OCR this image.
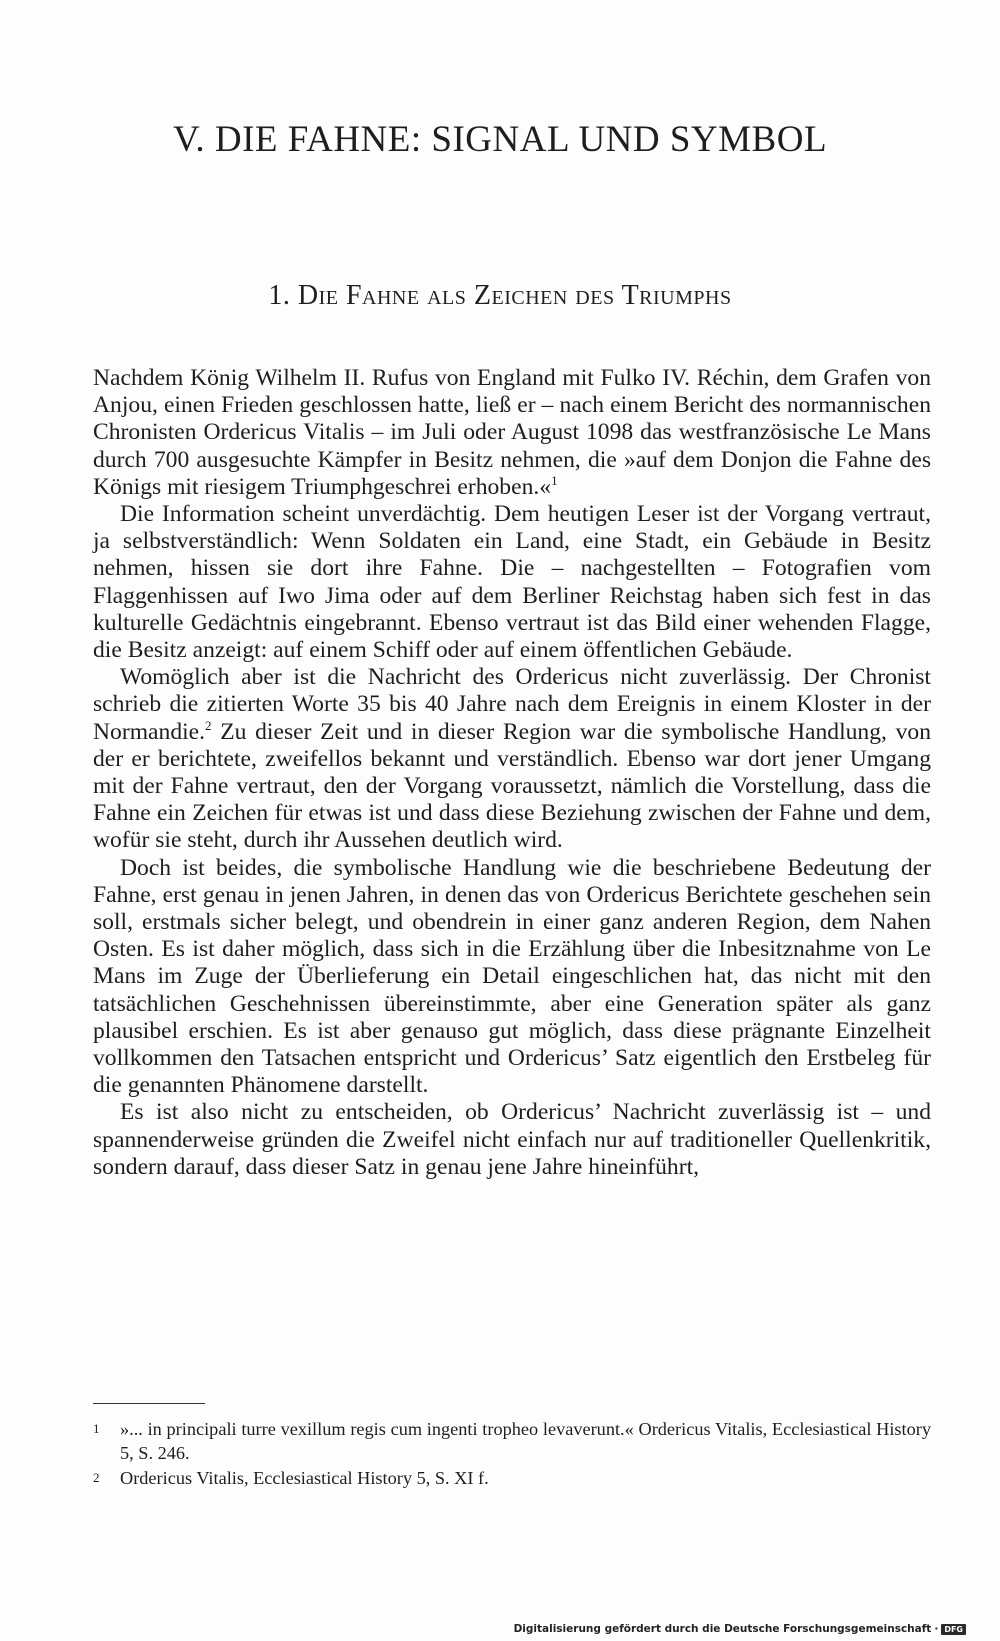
V. DIE FAHNE: SIGNAL UND SYMBOL
1. Die Fahne als Zeichen des Triumphs

Nachdem König Wilhelm II. Rufus von England mit Fulko IV. Réchin, dem Grafen von Anjou, einen Frieden geschlossen hatte, ließ er – nach einem Bericht des normannischen Chronisten Ordericus Vitalis – im Juli oder August 1098 das westfranzösische Le Mans durch 700 ausgesuchte Kämpfer in Besitz nehmen, die »auf dem Donjon die Fahne des Königs mit riesigem Triumphgeschrei erhoben.«$^1$

Die Information scheint unverdächtig. Dem heutigen Leser ist der Vorgang vertraut, ja selbstverständlich: Wenn Soldaten ein Land, eine Stadt, ein Gebäude in Besitz nehmen, hissen sie dort ihre Fahne. Die – nachgestellten – Fotografien vom Flaggenhissen auf Iwo Jima oder auf dem Berliner Reichstag haben sich fest in das kulturelle Gedächtnis eingebrannt. Ebenso vertraut ist das Bild einer wehenden Flagge, die Besitz anzeigt: auf einem Schiff oder auf einem öffentlichen Gebäude.

Womöglich aber ist die Nachricht des Ordericus nicht zuverlässig. Der Chronist schrieb die zitierten Worte 35 bis 40 Jahre nach dem Ereignis in einem Kloster in der Normandie.$^2$ Zu dieser Zeit und in dieser Region war die symbolische Handlung, von der er berichtete, zweifellos bekannt und verständlich. Ebenso war dort jener Umgang mit der Fahne vertraut, den der Vorgang voraussetzt, nämlich die Vorstellung, dass die Fahne ein Zeichen für etwas ist und dass diese Beziehung zwischen der Fahne und dem, wofür sie steht, durch ihr Aussehen deutlich wird.

Doch ist beides, die symbolische Handlung wie die beschriebene Bedeutung der Fahne, erst genau in jenen Jahren, in denen das von Ordericus Berichtete geschehen sein soll, erstmals sicher belegt, und obendrein in einer ganz anderen Region, dem Nahen Osten. Es ist daher möglich, dass sich in die Erzählung über die Inbesitznahme von Le Mans im Zuge der Überlieferung ein Detail eingeschlichen hat, das nicht mit den tatsächlichen Geschehnissen übereinstimmte, aber eine Generation später als ganz plausibel erschien. Es ist aber genauso gut möglich, dass diese prägnante Einzelheit vollkommen den Tatsachen entspricht und Ordericus’ Satz eigentlich den Erstbeleg für die genannten Phänomene darstellt.

Es ist also nicht zu entscheiden, ob Ordericus’ Nachricht zuverlässig ist – und spannenderweise gründen die Zweifel nicht einfach nur auf traditioneller Quellenkritik, sondern darauf, dass dieser Satz in genau jene Jahre hineinführt,

1	»... in principali turre vexillum regis cum ingenti tropheo levaverunt.« Ordericus Vitalis, Ecclesiastical History 5, S. 246.
2	Ordericus Vitalis, Ecclesiastical History 5, S. XI f.
Digitalisierung gefördert durch die Deutsche Forschungsgemeinschaft · DFG
